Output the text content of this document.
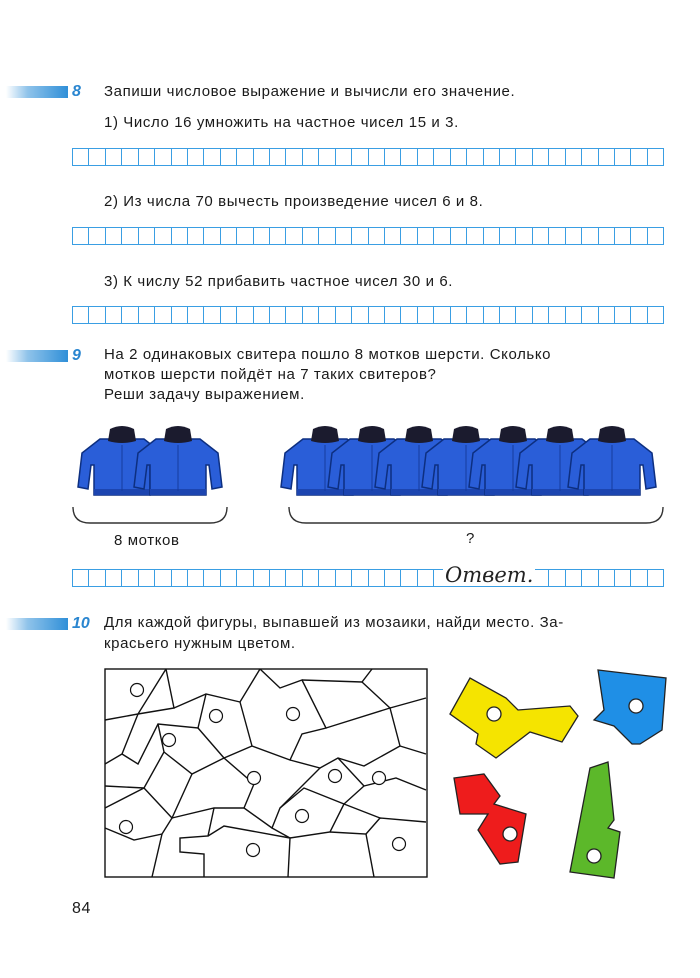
8 Запиши числовое выражение и вычисли его значение.
1) Число 16 умножить на частное чисел 15 и 3.
2) Из числа 70 вычесть произведение чисел 6 и 8.
3) К числу 52 прибавить частное чисел 30 и 6.
9 На 2 одинаковых свитера пошло 8 мотков шерсти. Сколько
мотков шерсти пойдёт на 7 таких свитеров?
Реши задачу выражением.
8 мотков	?
Ответ.
10 Для каждой фигуры, выпавшей из мозаики, найди место. За-
красьего нужным цветом.
84
